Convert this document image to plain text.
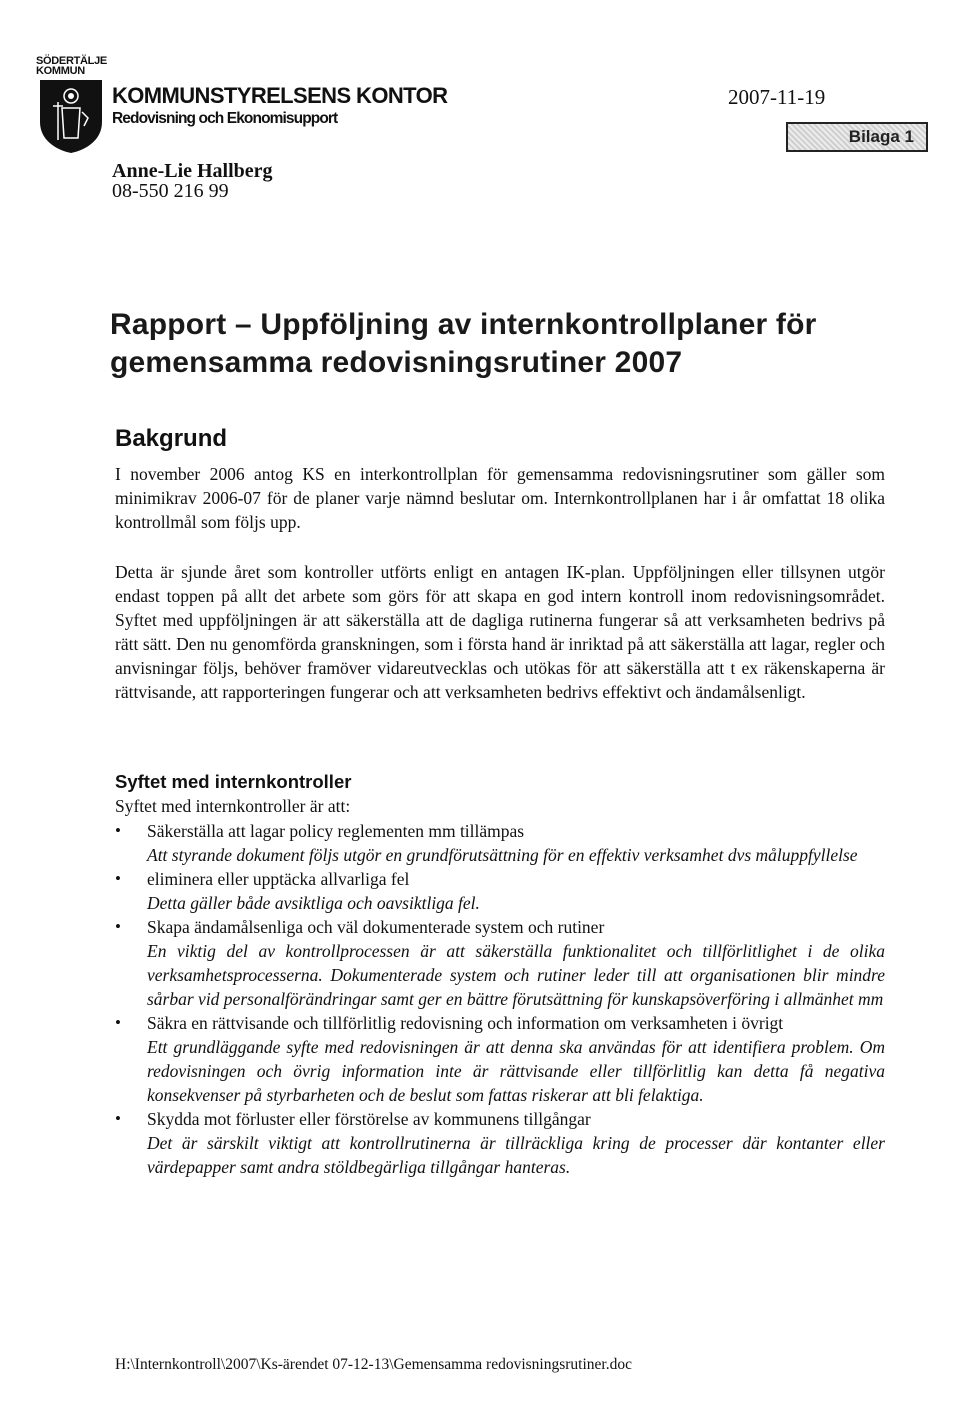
SÖDERTÄLJE
KOMMUN
KOMMUNSTYRELSENS KONTOR
Redovisning och Ekonomisupport
2007-11-19
Bilaga 1
Anne-Lie Hallberg
08-550 216 99
Rapport – Uppföljning av internkontrollplaner för
gemensamma redovisningsrutiner 2007
Bakgrund
I november 2006 antog KS en interkontrollplan för gemensamma redovisningsrutiner som gäller som minimikrav 2006-07 för de planer varje nämnd beslutar om. Internkontrollplanen har i år omfattat 18 olika kontrollmål som följs upp.
Detta är sjunde året som kontroller utförts enligt en antagen IK-plan. Uppföljningen eller tillsynen utgör endast toppen på allt det arbete som görs för att skapa en god intern kontroll inom redovisningsområdet. Syftet med uppföljningen är att säkerställa att de dagliga rutinerna fungerar så att verksamheten bedrivs på rätt sätt. Den nu genomförda granskningen, som i första hand är inriktad på att säkerställa att lagar, regler och anvisningar följs, behöver framöver vidareutvecklas och utökas för att säkerställa att t ex räkenskaperna är rättvisande, att rapporteringen fungerar och att verksamheten bedrivs effektivt och ändamålsenligt.
Syftet med internkontroller
Syftet med internkontroller är att:
• Säkerställa att lagar policy reglementen mm tillämpas
Att styrande dokument följs utgör en grundförutsättning för en effektiv verksamhet dvs måluppfyllelse
• eliminera eller upptäcka allvarliga fel
Detta gäller både avsiktliga och oavsiktliga fel.
• Skapa ändamålsenliga och väl dokumenterade system och rutiner
En viktig del av kontrollprocessen är att säkerställa funktionalitet och tillförlitlighet i de olika verksamhetsprocesserna. Dokumenterade system och rutiner leder till att organisationen blir mindre sårbar vid personalförändringar samt ger en bättre förutsättning för kunskapsöverföring i allmänhet mm
• Säkra en rättvisande och tillförlitlig redovisning och information om verksamheten i övrigt
Ett grundläggande syfte med redovisningen är att denna ska användas för att identifiera problem. Om redovisningen och övrig information inte är rättvisande eller tillförlitlig kan detta få negativa konsekvenser på styrbarheten och de beslut som fattas riskerar att bli felaktiga.
• Skydda mot förluster eller förstörelse av kommunens tillgångar
Det är särskilt viktigt att kontrollrutinerna är tillräckliga kring de processer där kontanter eller värdepapper samt andra stöldbegärliga tillgångar hanteras.
H:\Internkontroll\2007\Ks-ärendet 07-12-13\Gemensamma redovisningsrutiner.doc
